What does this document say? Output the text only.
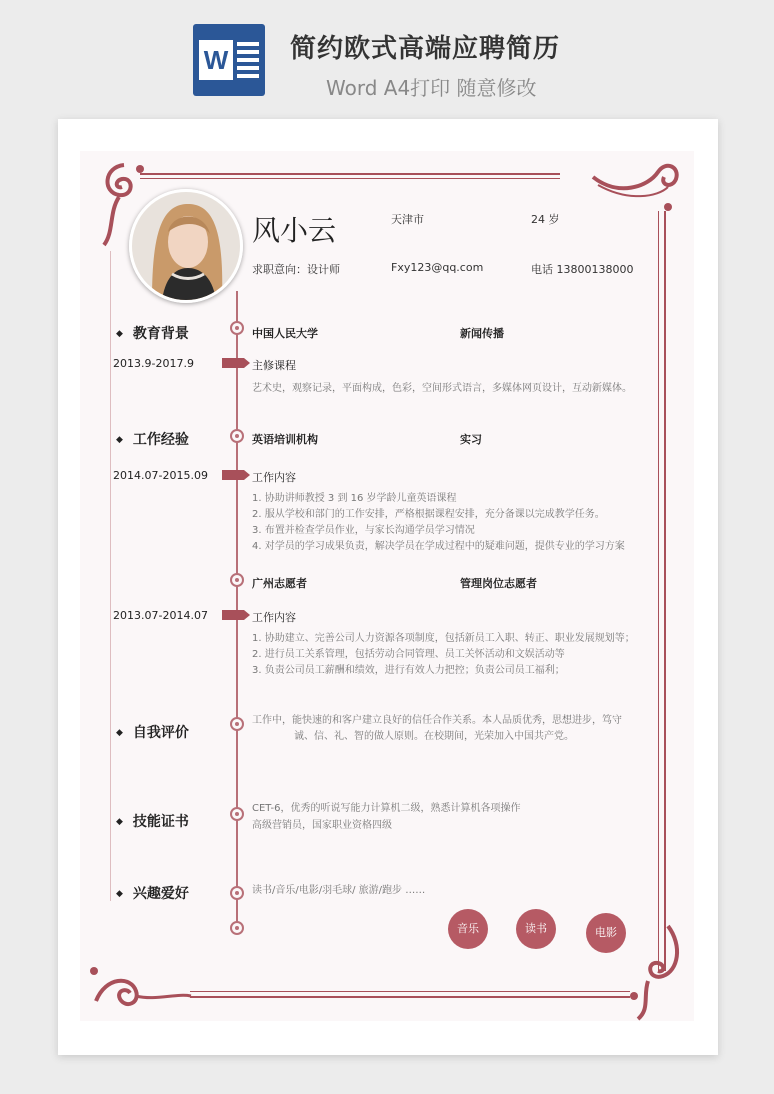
W 简约欧式高端应聘简历
Word A4打印 随意修改
风小云	天津市	24 岁
求职意向：设计师	Fxy123@qq.com	电话 13800138000
◆ 教育背景	中国人民大学	新闻传播
2013.9-2017.9	主修课程
艺术史，观察记录，平面构成，色彩，空间形式语言，多媒体网页设计，互动新媒体。
◆ 工作经验	英语培训机构	实习
2014.07-2015.09	工作内容
1. 协助讲师教授 3 到 16 岁学龄儿童英语课程
2. 服从学校和部门的工作安排，严格根据课程安排，充分备课以完成教学任务。
3. 布置并检查学员作业，与家长沟通学员学习情况
4. 对学员的学习成果负责，解决学员在学成过程中的疑难问题，提供专业的学习方案
广州志愿者	管理岗位志愿者
2013.07-2014.07	工作内容
1. 协助建立、完善公司人力资源各项制度，包括新员工入职、转正、职业发展规划等；
2. 进行员工关系管理，包括劳动合同管理、员工关怀活动和文娱活动等
3. 负责公司员工薪酬和绩效，进行有效人力把控；负责公司员工福利；
◆ 自我评价
工作中，能快速的和客户建立良好的信任合作关系。本人品质优秀，思想进步，笃守
诚、信、礼、智的做人原则。在校期间，光荣加入中国共产党。
◆ 技能证书
CET-6，优秀的听说写能力计算机二级，熟悉计算机各项操作
高级营销员，国家职业资格四级
◆ 兴趣爱好	读书/音乐/电影/羽毛球/ 旅游/跑步 ……
音乐	读书	电影
